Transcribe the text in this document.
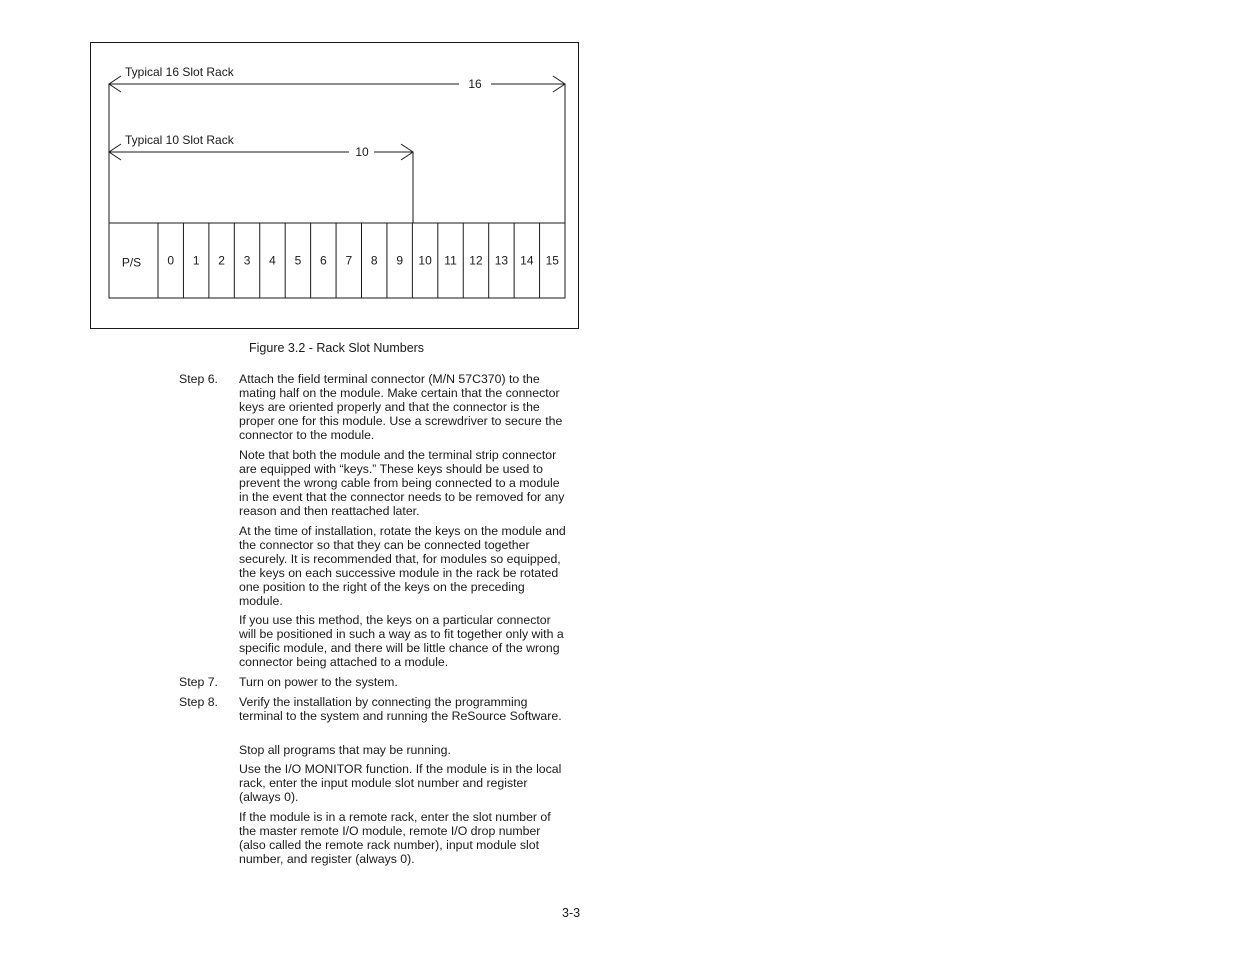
Typical 16 Slot Rack
16
Typical 10 Slot Rack
10
P/S 0 1 2 3 4 5 6 7 8 9 10 11 12 13 14 15
Figure 3.2 - Rack Slot Numbers
Step 6. Attach the field terminal connector (M/N 57C370) to the mating half on the module. Make certain that the connector keys are oriented properly and that the connector is the proper one for this module. Use a screwdriver to secure the connector to the module.
Note that both the module and the terminal strip connector are equipped with “keys.” These keys should be used to prevent the wrong cable from being connected to a module in the event that the connector needs to be removed for any reason and then reattached later.
At the time of installation, rotate the keys on the module and the connector so that they can be connected together securely. It is recommended that, for modules so equipped, the keys on each successive module in the rack be rotated one position to the right of the keys on the preceding module.
If you use this method, the keys on a particular connector will be positioned in such a way as to fit together only with a specific module, and there will be little chance of the wrong connector being attached to a module.
Step 7. Turn on power to the system.
Step 8. Verify the installation by connecting the programming terminal to the system and running the ReSource Software.
Stop all programs that may be running.
Use the I/O MONITOR function. If the module is in the local rack, enter the input module slot number and register (always 0).
If the module is in a remote rack, enter the slot number of the master remote I/O module, remote I/O drop number (also called the remote rack number), input module slot number, and register (always 0).
3-3
